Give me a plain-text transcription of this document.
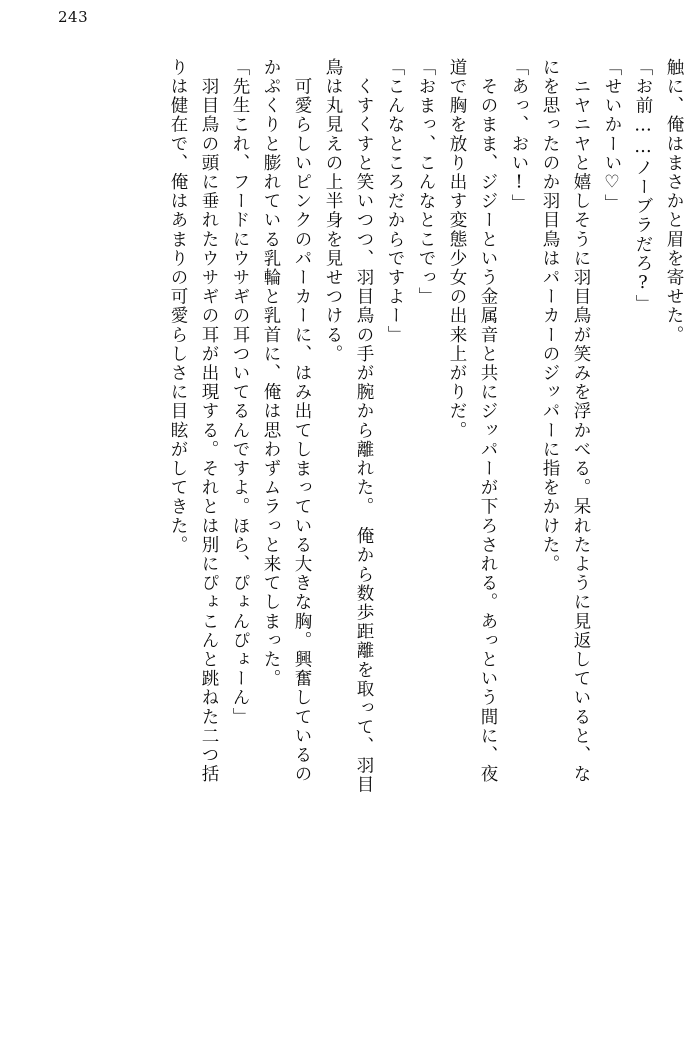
243
触に、俺はまさかと眉を寄せた。
「お前……ノーブラだろ?」
「せいかーい♡」
　ニヤニヤと嬉しそうに羽目鳥が笑みを浮かべる。呆れたように見返していると、な
にを思ったのか羽目鳥はパーカーのジッパーに指をかけた。
「あっ、おい!」
　そのまま、ジジーという金属音と共にジッパーが下ろされる。あっという間に、夜
道で胸を放り出す変態少女の出来上がりだ。
「おまっ、こんなとこでっ」
「こんなところだからですよー」
　くすくすと笑いつつ、羽目鳥の手が腕から離れた。　俺から数歩距離を取って、羽目
鳥は丸見えの上半身を見せつける。
　可愛らしいピンクのパーカーに、はみ出てしまっている大きな胸。興奮しているの
かぷくりと膨れている乳輪と乳首に、俺は思わずムラっと来てしまった。
「先生これ、フードにウサギの耳ついてるんですよ。ほら、ぴょんぴょーん」
　羽目鳥の頭に垂れたウサギの耳が出現する。それとは別にぴょこんと跳ねた二つ括
りは健在で、俺はあまりの可愛らしさに目眩がしてきた。
